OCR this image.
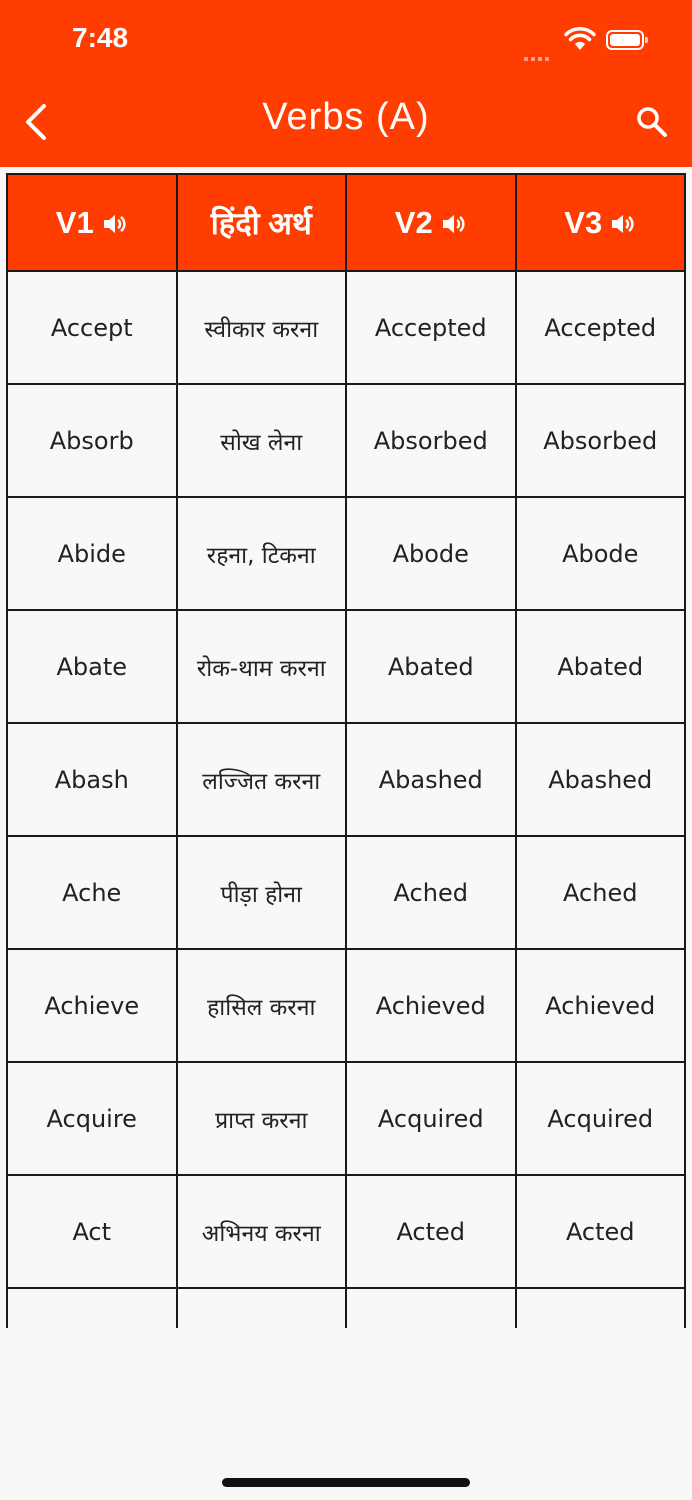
7:48
Verbs (A)
V1	हिंदी अर्थ	V2	V3
Accept	स्वीकार करना	Accepted	Accepted
Absorb	सोख लेना	Absorbed	Absorbed
Abide	रहना, टिकना	Abode	Abode
Abate	रोक-थाम करना	Abated	Abated
Abash	लज्जित करना	Abashed	Abashed
Ache	पीड़ा होना	Ached	Ached
Achieve	हासिल करना	Achieved	Achieved
Acquire	प्राप्त करना	Acquired	Acquired
Act	अभिनय करना	Acted	Acted
